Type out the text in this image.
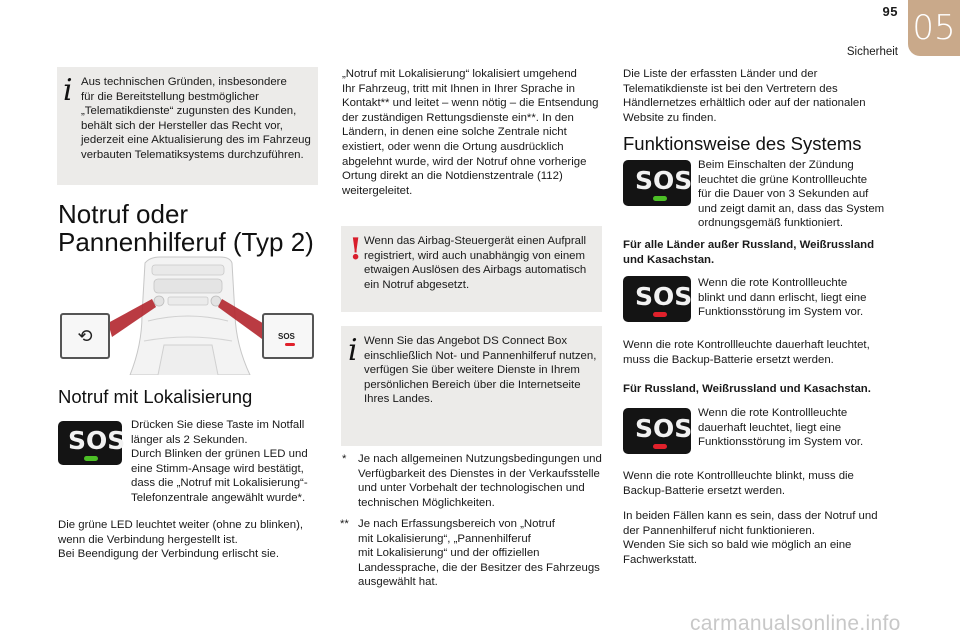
95
Sicherheit
05
i Aus technischen Gründen, insbesondere
für die Bereitstellung bestmöglicher
„Telematikdienste“ zugunsten des Kunden,
behält sich der Hersteller das Recht vor,
jederzeit eine Aktualisierung des im Fahrzeug
verbauten Telematiksystems durchzuführen.
Notruf oder
Pannenhilferuf (Typ 2)
⟲	SOS
Notruf mit Lokalisierung
SOS
Drücken Sie diese Taste im Notfall
länger als 2 Sekunden.
Durch Blinken der grünen LED und
eine Stimm-Ansage wird bestätigt,
dass die „Notruf mit Lokalisierung“-
Telefonzentrale angewählt wurde*.
Die grüne LED leuchtet weiter (ohne zu blinken),
wenn die Verbindung hergestellt ist.
Bei Beendigung der Verbindung erlischt sie.
„Notruf mit Lokalisierung“ lokalisiert umgehend
Ihr Fahrzeug, tritt mit Ihnen in Ihrer Sprache in
Kontakt** und leitet – wenn nötig – die Entsendung
der zuständigen Rettungsdienste ein**. In den
Ländern, in denen eine solche Zentrale nicht
existiert, oder wenn die Ortung ausdrücklich
abgelehnt wurde, wird der Notruf ohne vorherige
Ortung direkt an die Notdienstzentrale (112)
weitergeleitet.
! Wenn das Airbag-Steuergerät einen Aufprall
registriert, wird auch unabhängig von einem
etwaigen Auslösen des Airbags automatisch
ein Notruf abgesetzt.
i Wenn Sie das Angebot DS Connect Box
einschließlich Not- und Pannenhilferuf nutzen,
verfügen Sie über weitere Dienste in Ihrem
persönlichen Bereich über die Internetseite
Ihres Landes.
* Je nach allgemeinen Nutzungsbedingungen und
Verfügbarkeit des Dienstes in der Verkaufsstelle
und unter Vorbehalt der technologischen und
technischen Möglichkeiten.
** Je nach Erfassungsbereich von „Notruf
mit Lokalisierung“, „Pannenhilferuf
mit Lokalisierung“ und der offiziellen
Landessprache, die der Besitzer des Fahrzeugs
ausgewählt hat.
Die Liste der erfassten Länder und der
Telematikdienste ist bei den Vertretern des
Händlernetzes erhältlich oder auf der nationalen
Website zu finden.
Funktionsweise des Systems
SOS
Beim Einschalten der Zündung
leuchtet die grüne Kontrollleuchte
für die Dauer von 3 Sekunden auf
und zeigt damit an, dass das System
ordnungsgemäß funktioniert.
Für alle Länder außer Russland, Weißrussland
und Kasachstan.
SOS Wenn die rote Kontrollleuchte
blinkt und dann erlischt, liegt eine
Funktionsstörung im System vor.
Wenn die rote Kontrollleuchte dauerhaft leuchtet,
muss die Backup-Batterie ersetzt werden.
Für Russland, Weißrussland und Kasachstan.
SOS
Wenn die rote Kontrollleuchte
dauerhaft leuchtet, liegt eine
Funktionsstörung im System vor.
Wenn die rote Kontrollleuchte blinkt, muss die
Backup-Batterie ersetzt werden.
In beiden Fällen kann es sein, dass der Notruf und
der Pannenhilferuf nicht funktionieren.
Wenden Sie sich so bald wie möglich an eine
Fachwerkstatt.
carmanualsonline.info
